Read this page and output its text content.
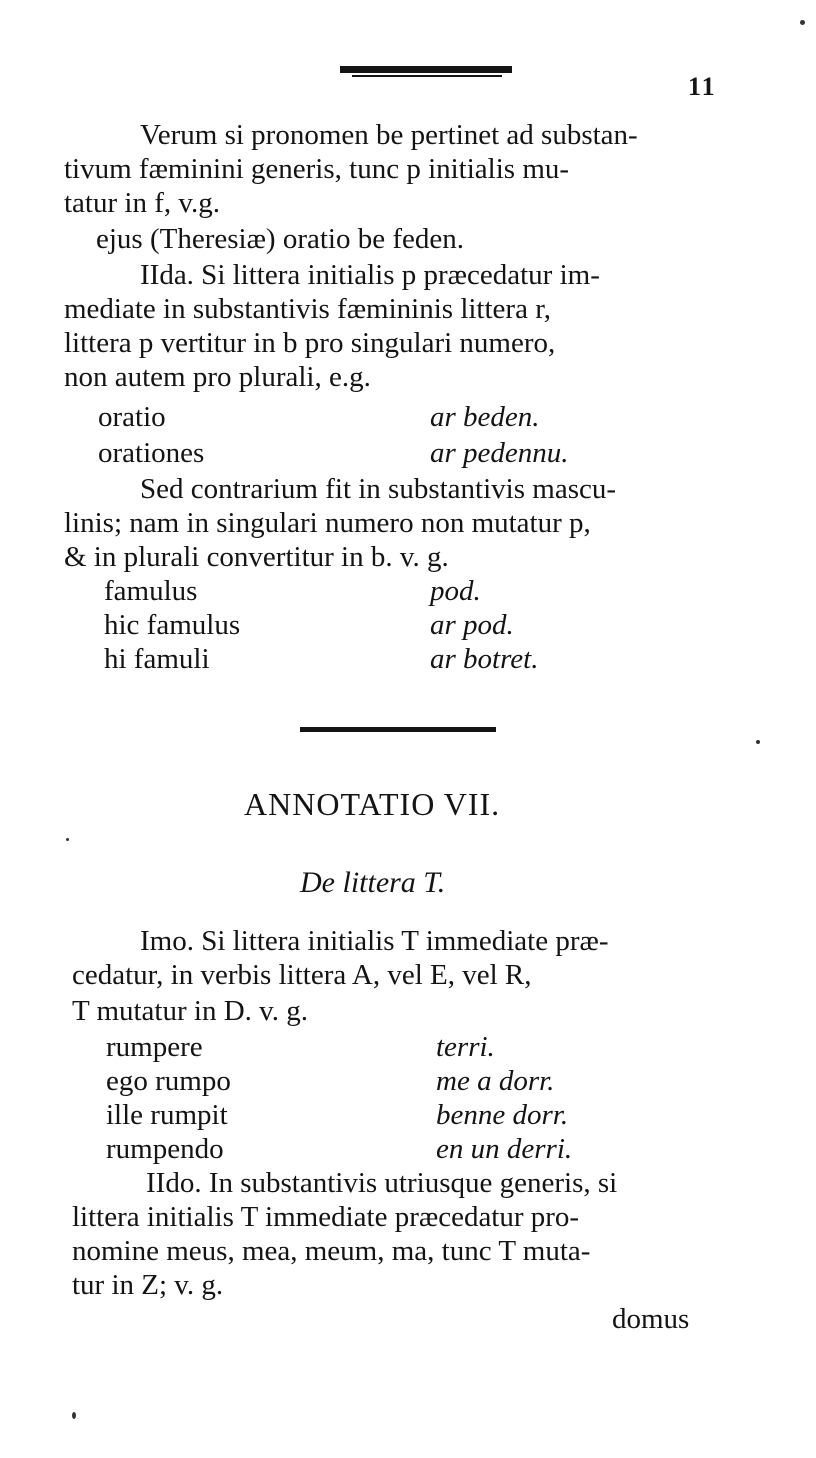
11
Verum si pronomen be pertinet ad substan-
tivum fæminini generis, tunc p initialis mu-
tatur in f, v.g.
ejus (Theresiæ) oratio be feden.
IIda. Si littera initialis p præcedatur im-
mediate in substantivis fæmininis littera r,
littera p vertitur in b pro singulari numero,
non autem pro plurali, e.g.
oratio	ar beden.
orationes	ar pedennu.
Sed contrarium fit in substantivis mascu-
linis; nam in singulari numero non mutatur p,
& in plurali convertitur in b. v. g.
famulus	pod.
hic famulus	ar pod.
hi famuli	ar botret.
ANNOTATIO VII.
De littera T.
Imo. Si littera initialis T immediate præ-
cedatur, in verbis littera A, vel E, vel R,
T mutatur in D. v. g.
rumpere	terri.
ego rumpo	me a dorr.
ille rumpit	benne dorr.
rumpendo	en un derri.
IIdo. In substantivis utriusque generis, si
littera initialis T immediate præcedatur pro-
nomine meus, mea, meum, ma, tunc T muta-
tur in Z; v. g.
domus
